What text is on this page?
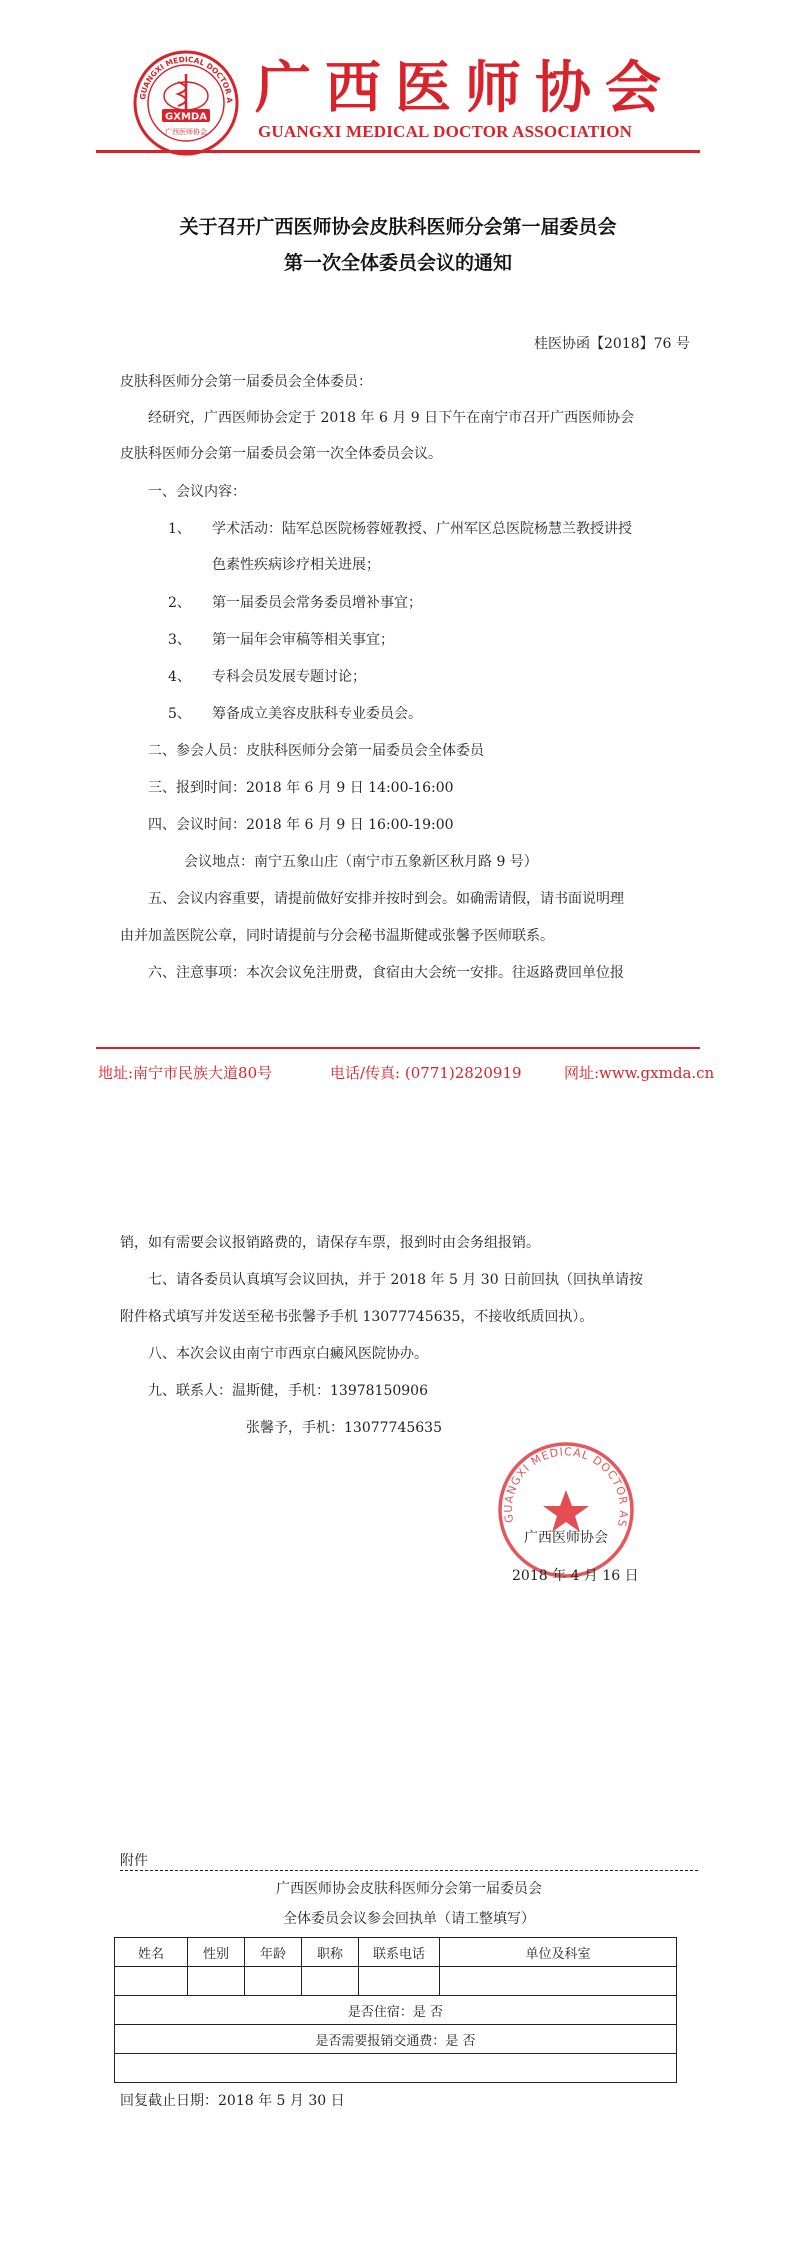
GUANGXI MEDICAL DOCTOR A
GXMDA
广西医师协会
广西医师协会
GUANGXI MEDICAL DOCTOR ASSOCIATION
关于召开广西医师协会皮肤科医师分会第一届委员会
第一次全体委员会议的通知
桂医协函【2018】76 号
皮肤科医师分会第一届委员会全体委员：
经研究，广西医师协会定于 2018 年 6 月 9 日下午在南宁市召开广西医师协会
皮肤科医师分会第一届委员会第一次全体委员会议。
一、会议内容：
1、 学术活动：陆军总医院杨蓉娅教授、广州军区总医院杨慧兰教授讲授
色素性疾病诊疗相关进展；
2、 第一届委员会常务委员增补事宜；
3、 第一届年会审稿等相关事宜；
4、 专科会员发展专题讨论；
5、 筹备成立美容皮肤科专业委员会。
二、参会人员：皮肤科医师分会第一届委员会全体委员
三、报到时间：2018 年 6 月 9 日 14:00-16:00
四、会议时间：2018 年 6 月 9 日 16:00-19:00
会议地点：南宁五象山庄（南宁市五象新区秋月路 9 号）
五、会议内容重要，请提前做好安排并按时到会。如确需请假，请书面说明理
由并加盖医院公章，同时请提前与分会秘书温斯健或张馨予医师联系。
六、注意事项：本次会议免注册费，食宿由大会统一安排。往返路费回单位报
地址:南宁市民族大道80号	电话/传真: (0771)2820919	网址:www.gxmda.cn
销，如有需要会议报销路费的，请保存车票，报到时由会务组报销。
七、请各委员认真填写会议回执，并于 2018 年 5 月 30 日前回执（回执单请按
附件格式填写并发送至秘书张馨予手机 13077745635，不接收纸质回执）。
八、本次会议由南宁市西京白癜风医院协办。
九、联系人：温斯健，手机：13978150906
张馨予，手机：13077745635
GUANGXI MEDICAL DOCTOR AS
广西医师协会
2018 年 4 月 16 日
附件
广西医师协会皮肤科医师分会第一届委员会
全体委员会议参会回执单（请工整填写）
姓名	性别	年龄	职称	联系电话	单位及科室

是否住宿：是 否					
是否需要报销交通费：是 否					

回复截止日期：2018 年 5 月 30 日
